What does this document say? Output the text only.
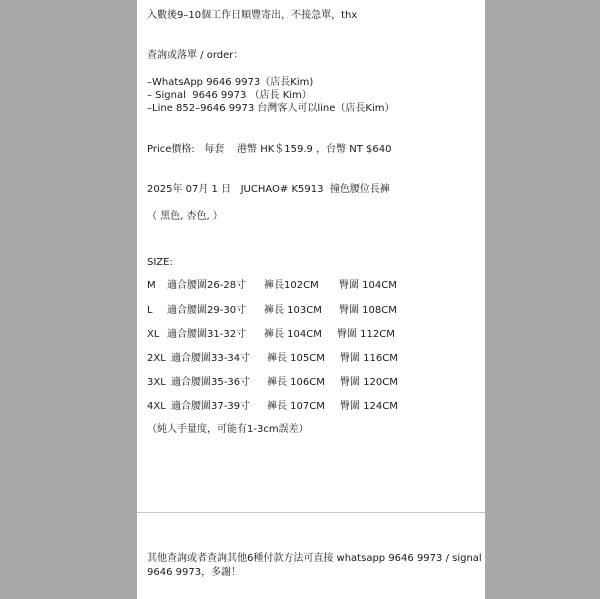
入數後9–10個工作日順豐寄出，不接急單，thx
查詢或落單 / order：
–WhatsApp 9646 9973（店長Kim)
– Signal  9646 9973 （店長 Kim）
–Line 852–9646 9973 台灣客人可以line（店長Kim）
Price價格:   每套    港幣 HK＄159.9 ，台幣 NT $640
2025年 07月 1 日   JUCHAO# K5913  撞色腰位長褲
（ 黑色, 杏色, ）
SIZE:

M

適合腰圍26-28寸

褲長102CM

臀圍 104CM

L

適合腰圍29-30寸

褲長 103CM

臀圍 108CM

XL

適合腰圍31-32寸

褲長 104CM

臀圍 112CM

2XL

適合腰圍33-34寸

褲長 105CM

臀圍 116CM

3XL

適合腰圍35-36寸

褲長 106CM

臀圍 120CM

4XL

適合腰圍37-39寸

褲長 107CM

臀圍 124CM

（純人手量度，可能有1-3cm誤差）
其他查詢或者查詢其他6種付款方法可直接 whatsapp 9646 9973 / signal
9646 9973，多謝！
